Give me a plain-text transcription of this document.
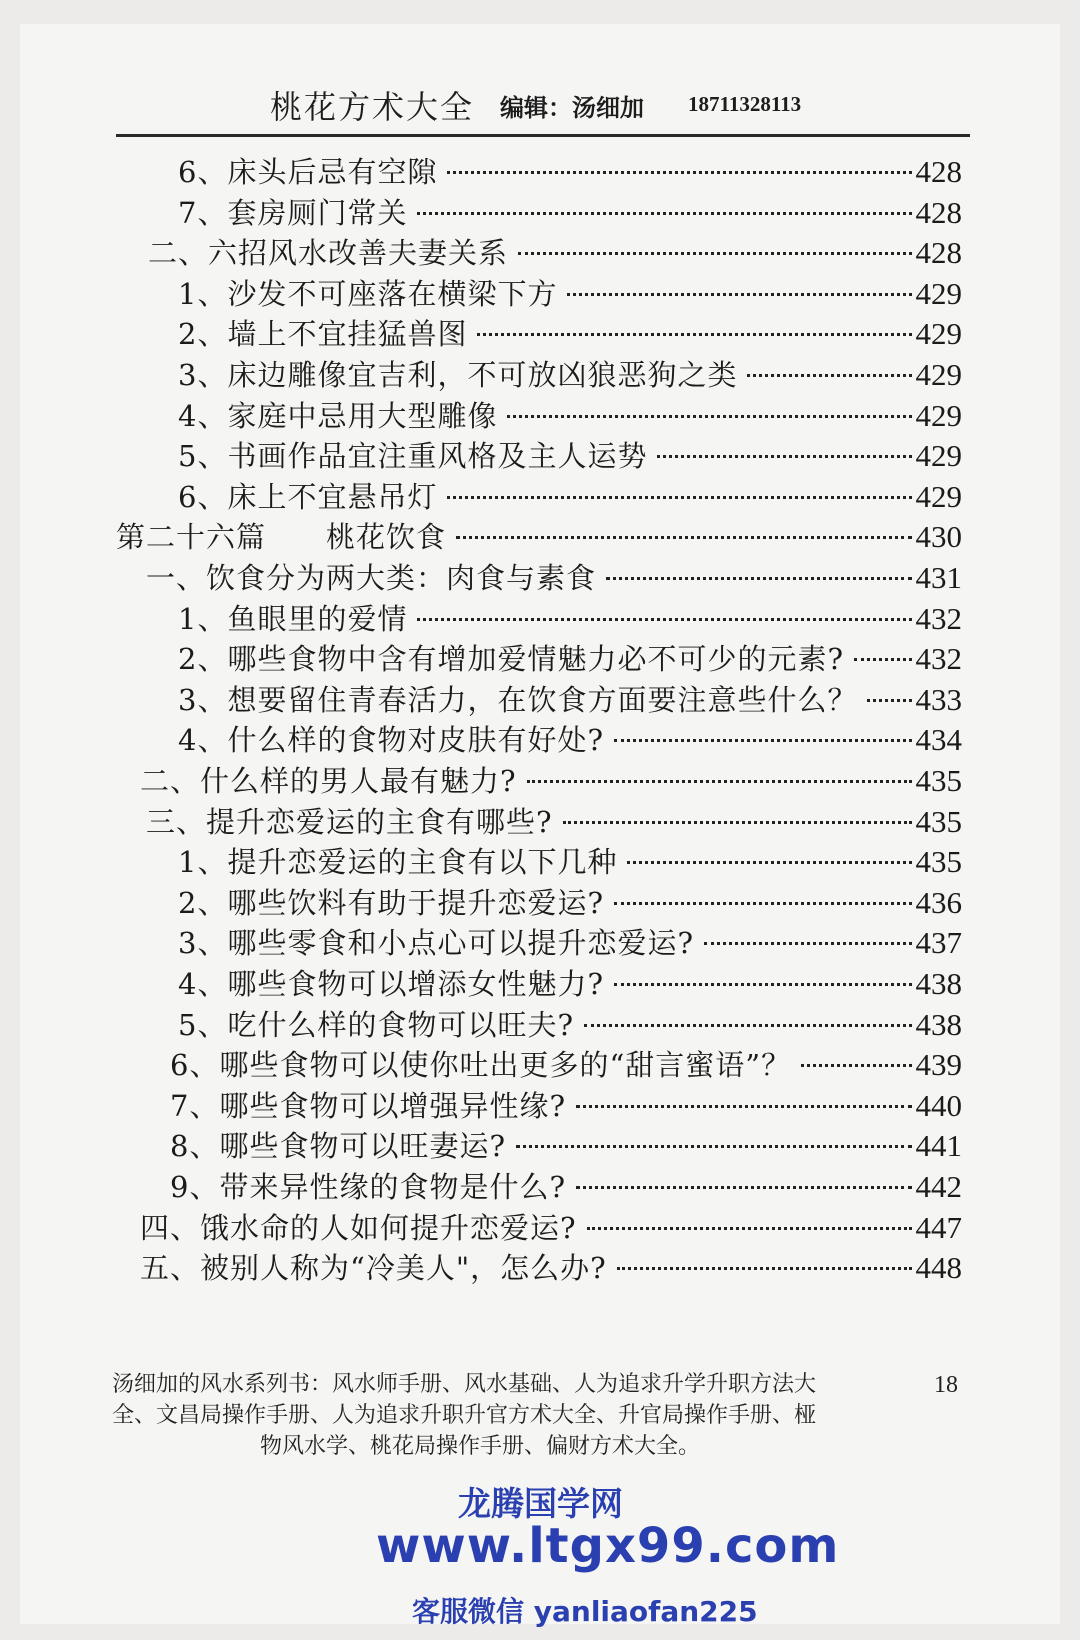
桃花方术大全 编辑：汤细加 18711328113
6、床头后忌有空隙	428
7、套房厕门常关	428
二、六招风水改善夫妻关系	428
1、沙发不可座落在横梁下方	429
2、墙上不宜挂猛兽图	429
3、床边雕像宜吉利，不可放凶狼恶狗之类	429
4、家庭中忌用大型雕像	429
5、书画作品宜注重风格及主人运势	429
6、床上不宜悬吊灯	429
第二十六篇　　桃花饮食	430
一、饮食分为两大类：肉食与素食	431
1、鱼眼里的爱情	432
2、哪些食物中含有增加爱情魅力必不可少的元素? 432
3、想要留住青春活力，在饮食方面要注意些什么？ 433
4、什么样的食物对皮肤有好处?	434
二、什么样的男人最有魅力?	435
三、提升恋爱运的主食有哪些?	435
1、提升恋爱运的主食有以下几种	435
2、哪些饮料有助于提升恋爱运?	436
3、哪些零食和小点心可以提升恋爱运?	437
4、哪些食物可以增添女性魅力?	438
5、吃什么样的食物可以旺夫?	438
6、哪些食物可以使你吐出更多的“甜言蜜语”？	439
7、哪些食物可以增强异性缘?	440
8、哪些食物可以旺妻运?	441
9、带来异性缘的食物是什么?	442
四、饿水命的人如何提升恋爱运?	447
五、被别人称为“冷美人"，怎么办?	448
汤细加的风水系列书：风水师手册、风水基础、人为追求升学升职方法大	18
全、文昌局操作手册、人为追求升职升官方术大全、升官局操作手册、桠
物风水学、桃花局操作手册、偏财方术大全。
龙腾国学网
www.ltgx99.com
客服微信 yanliaofan225
